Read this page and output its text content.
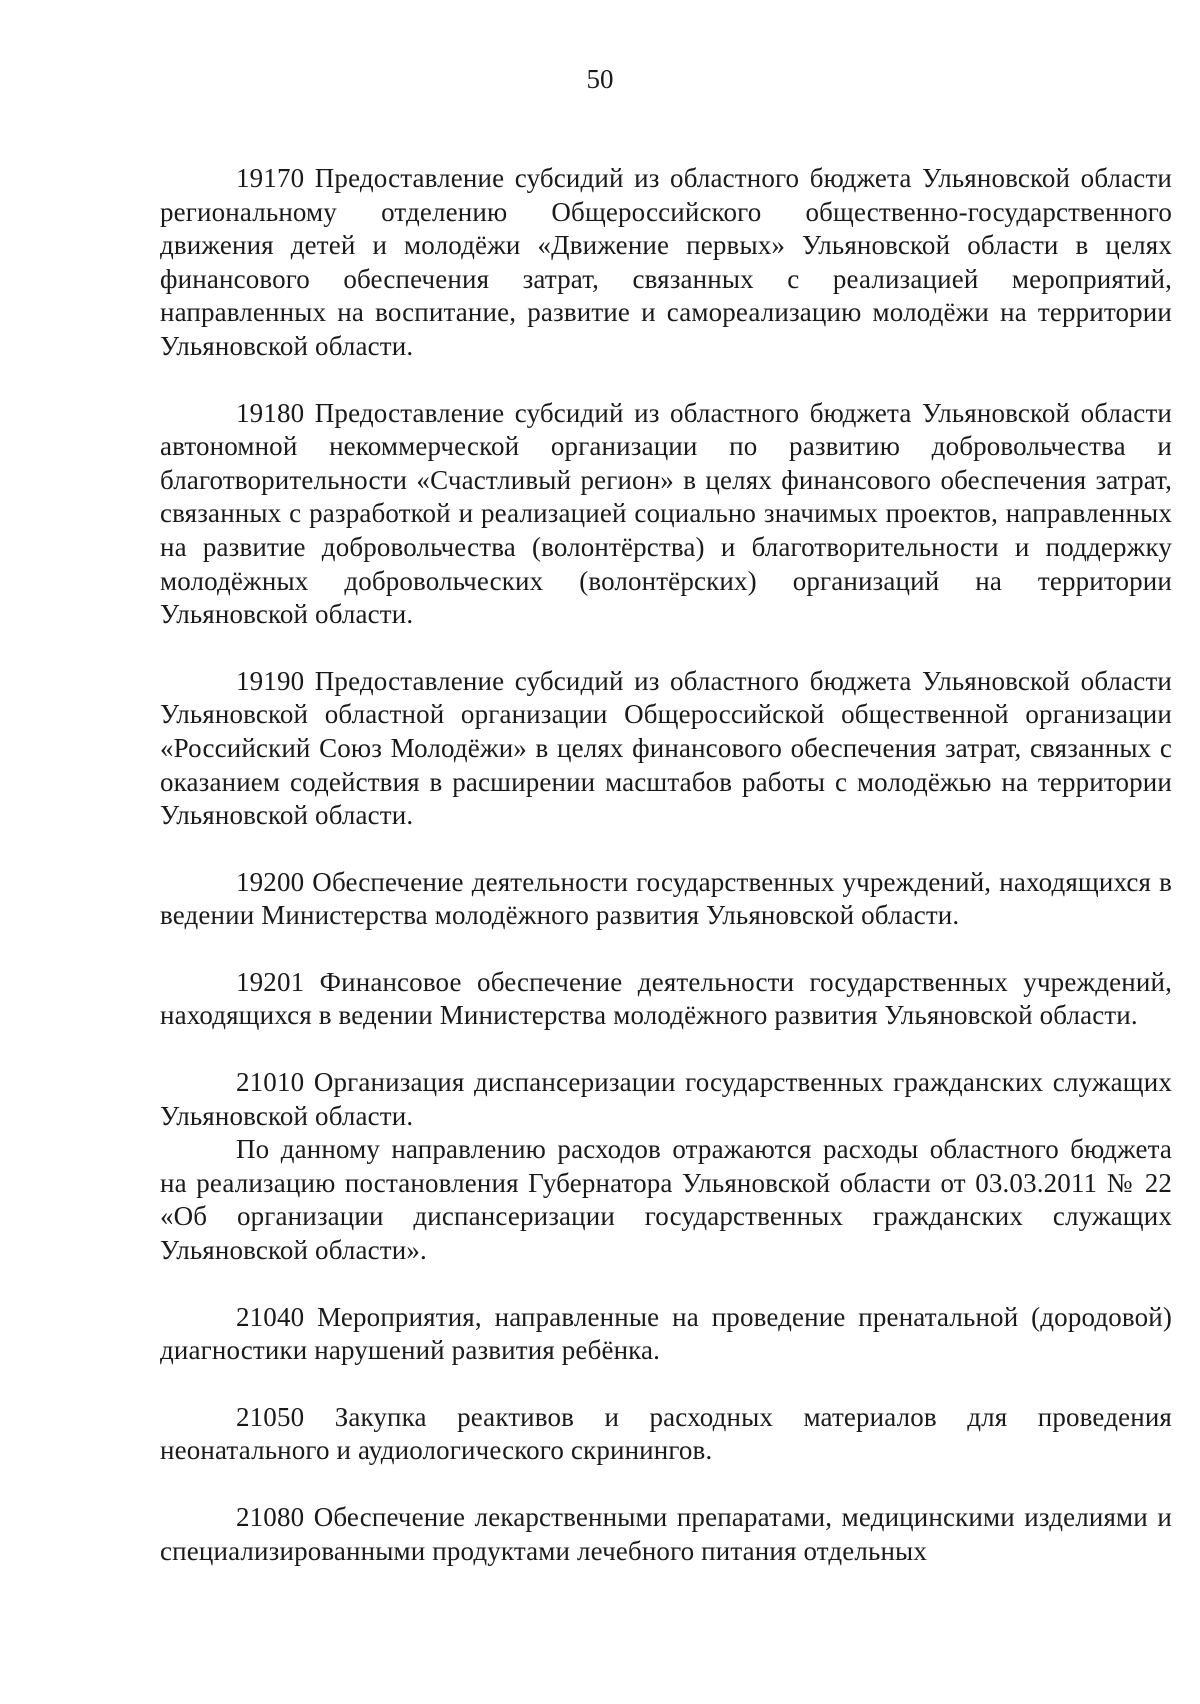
50

19170 Предоставление субсидий из областного бюджета Ульяновской области региональному отделению Общероссийского общественно-государственного движения детей и молодёжи «Движение первых» Ульяновской области в целях финансового обеспечения затрат, связанных с реализацией мероприятий, направленных на воспитание, развитие и самореализацию молодёжи на территории Ульяновской области.

19180 Предоставление субсидий из областного бюджета Ульяновской области автономной некоммерческой организации по развитию добровольчества и благотворительности «Счастливый регион» в целях финансового обеспечения затрат, связанных с разработкой и реализацией социально значимых проектов, направленных на развитие добровольчества (волонтёрства) и благотворительности и поддержку молодёжных добровольческих (волонтёрских) организаций на территории Ульяновской области.

19190 Предоставление субсидий из областного бюджета Ульяновской области Ульяновской областной организации Общероссийской общественной организации «Российский Союз Молодёжи» в целях финансового обеспечения затрат, связанных с оказанием содействия в расширении масштабов работы с молодёжью на территории Ульяновской области.

19200 Обеспечение деятельности государственных учреждений, находящихся в ведении Министерства молодёжного развития Ульяновской области.

19201 Финансовое обеспечение деятельности государственных учреждений, находящихся в ведении Министерства молодёжного развития Ульяновской области.

21010 Организация диспансеризации государственных гражданских служащих Ульяновской области.

По данному направлению расходов отражаются расходы областного бюджета на реализацию постановления Губернатора Ульяновской области от 03.03.2011 № 22 «Об организации диспансеризации государственных гражданских служащих Ульяновской области».

21040 Мероприятия, направленные на проведение пренатальной (дородовой) диагностики нарушений развития ребёнка.

21050 Закупка реактивов и расходных материалов для проведения неонатального и аудиологического скринингов.

21080 Обеспечение лекарственными препаратами, медицинскими изделиями и специализированными продуктами лечебного питания отдельных
